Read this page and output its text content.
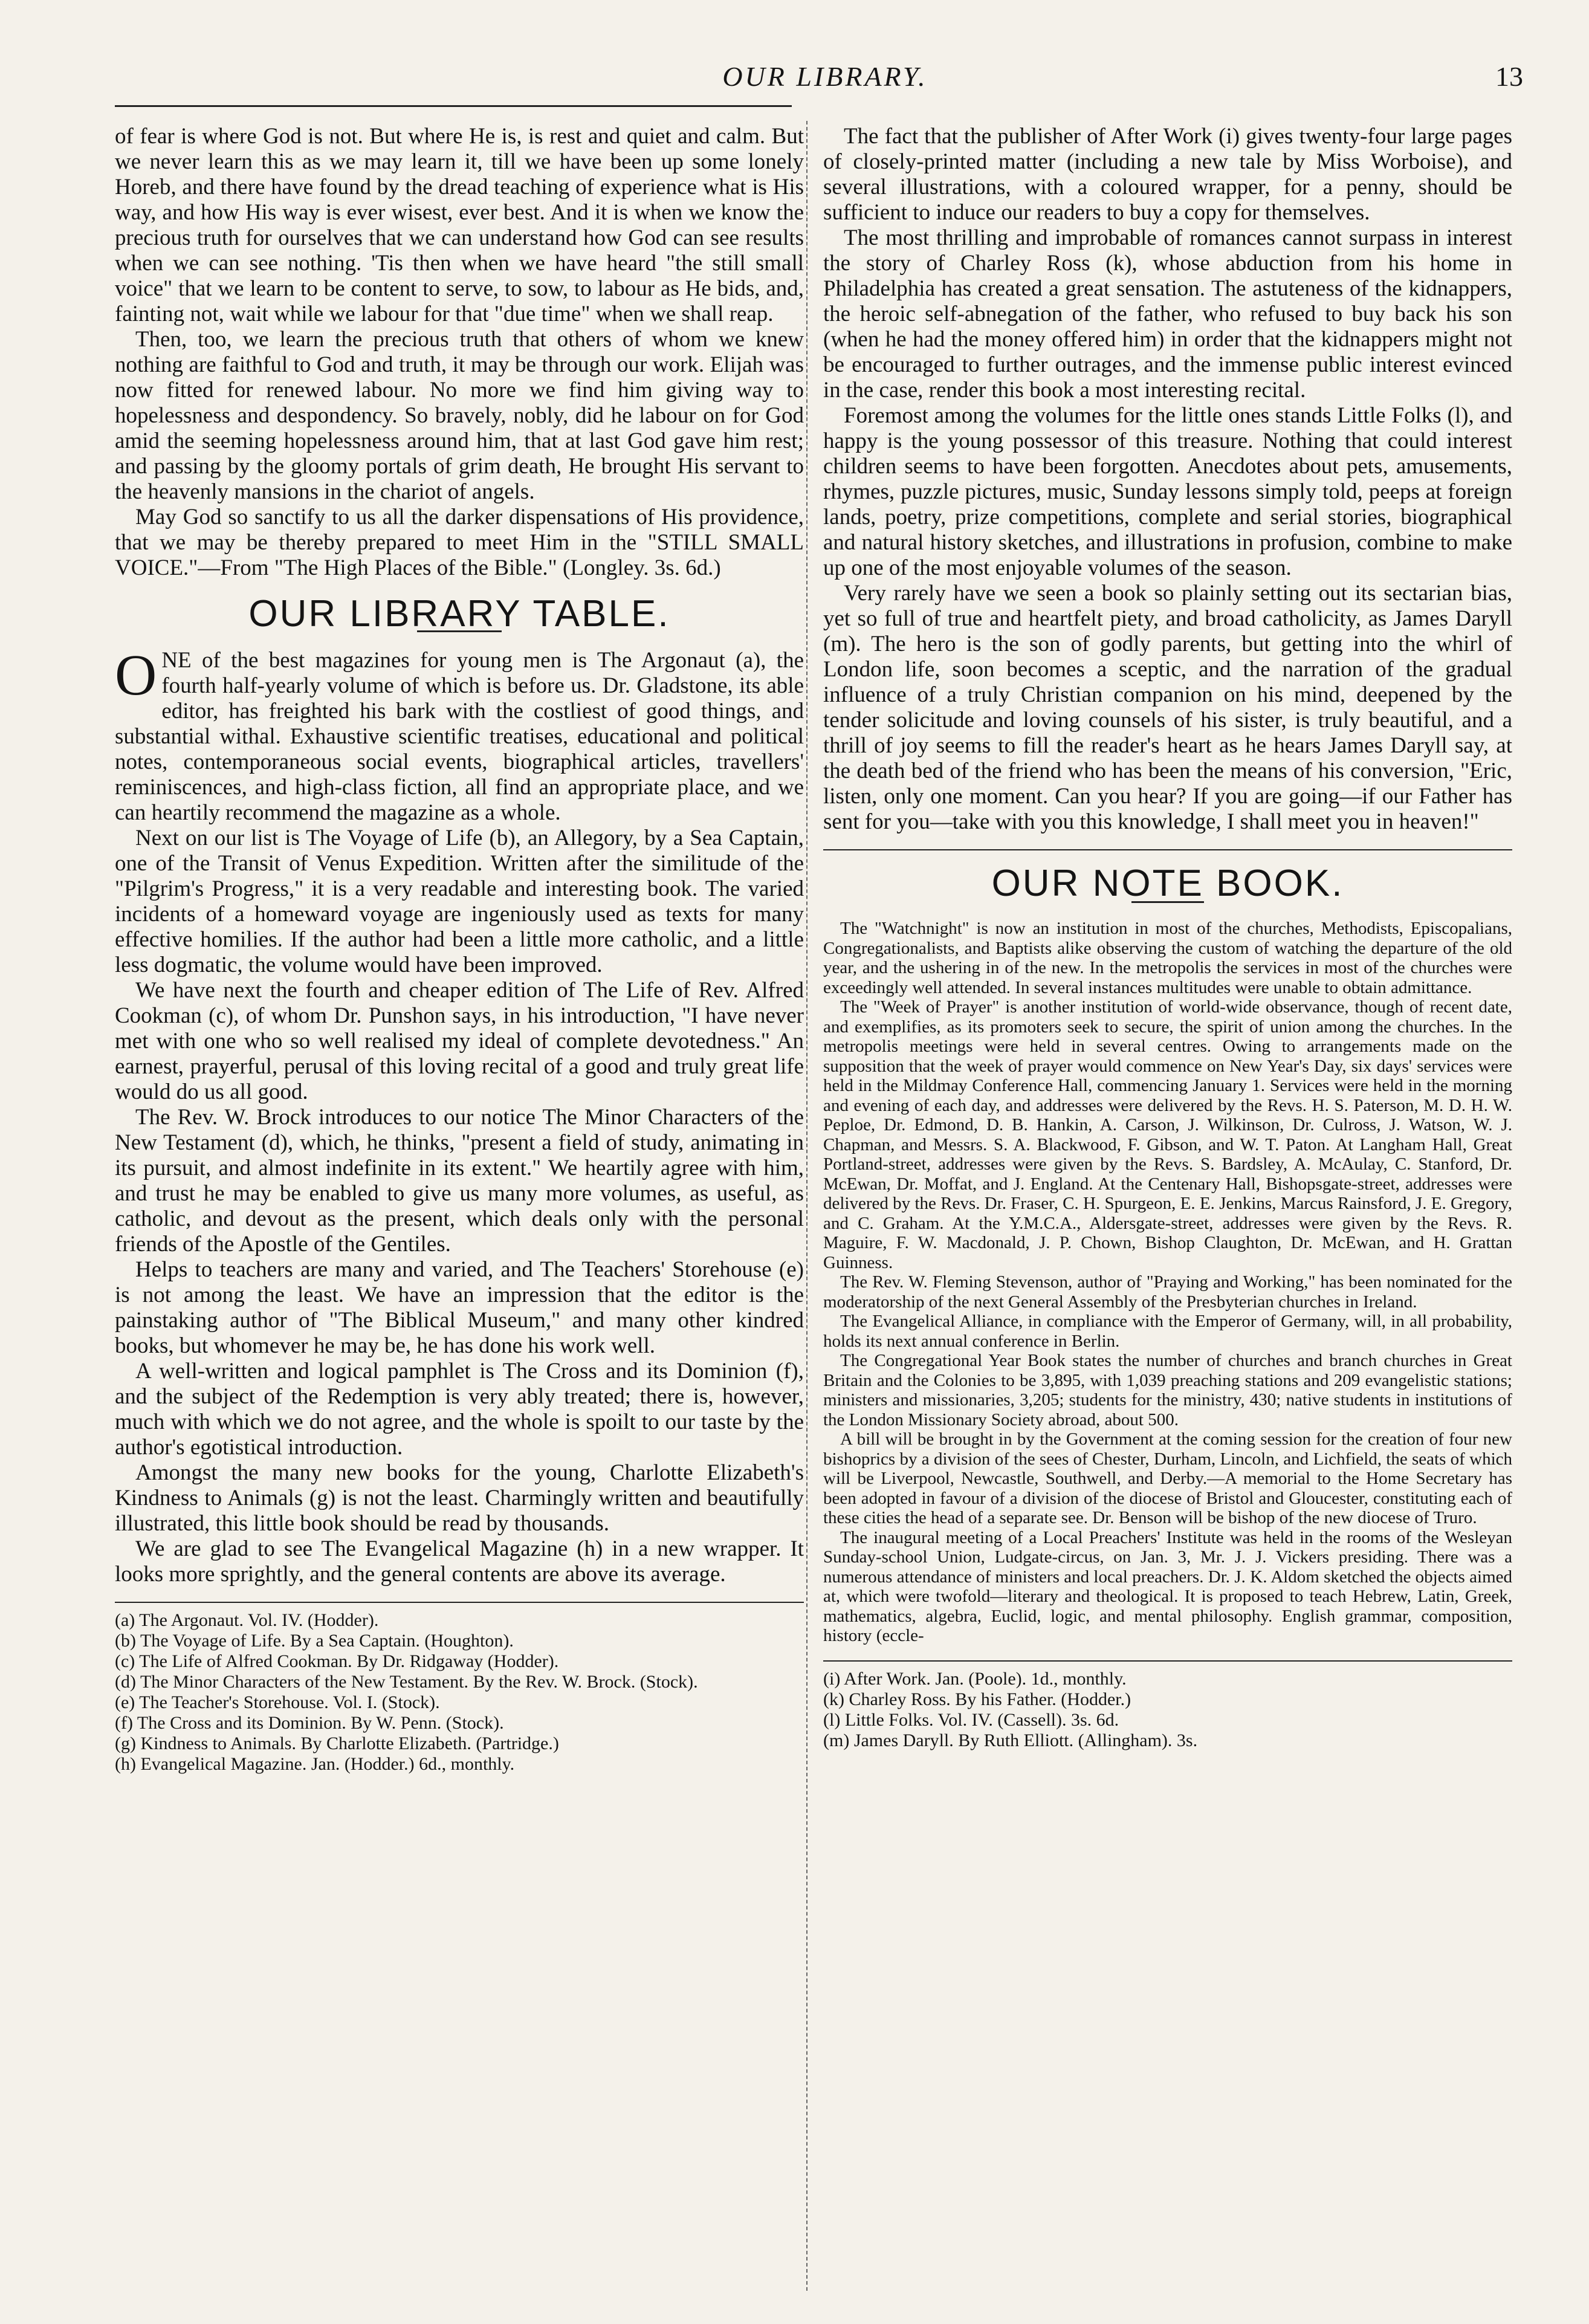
OUR LIBRARY.	13

of fear is where God is not. But where He is, is rest and quiet and calm. But we never learn this as we may learn it, till we have been up some lonely Horeb, and there have found by the dread teaching of experience what is His way, and how His way is ever wisest, ever best. And it is when we know the precious truth for ourselves that we can understand how God can see results when we can see nothing. 'Tis then when we have heard "the still small voice" that we learn to be content to serve, to sow, to labour as He bids, and, fainting not, wait while we labour for that "due time" when we shall reap.

Then, too, we learn the precious truth that others of whom we knew nothing are faithful to God and truth, it may be through our work. Elijah was now fitted for renewed labour. No more we find him giving way to hopelessness and despondency. So bravely, nobly, did he labour on for God amid the seeming hopelessness around him, that at last God gave him rest; and passing by the gloomy portals of grim death, He brought His servant to the heavenly mansions in the chariot of angels.

May God so sanctify to us all the darker dispensations of His providence, that we may be thereby prepared to meet Him in the "STILL SMALL VOICE."—From "The High Places of the Bible." (Longley. 3s. 6d.)

OUR LIBRARY TABLE.

ONE of the best magazines for young men is The Argonaut (a), the fourth half-yearly volume of which is before us. Dr. Gladstone, its able editor, has freighted his bark with the costliest of good things, and substantial withal. Exhaustive scientific treatises, educational and political notes, contemporaneous social events, biographical articles, travellers' reminiscences, and high-class fiction, all find an appropriate place, and we can heartily recommend the magazine as a whole.

Next on our list is The Voyage of Life (b), an Allegory, by a Sea Captain, one of the Transit of Venus Expedition. Written after the similitude of the "Pilgrim's Progress," it is a very readable and interesting book. The varied incidents of a homeward voyage are ingeniously used as texts for many effective homilies. If the author had been a little more catholic, and a little less dogmatic, the volume would have been improved.

We have next the fourth and cheaper edition of The Life of Rev. Alfred Cookman (c), of whom Dr. Punshon says, in his introduction, "I have never met with one who so well realised my ideal of complete devotedness." An earnest, prayerful, perusal of this loving recital of a good and truly great life would do us all good.

The Rev. W. Brock introduces to our notice The Minor Characters of the New Testament (d), which, he thinks, "present a field of study, animating in its pursuit, and almost indefinite in its extent." We heartily agree with him, and trust he may be enabled to give us many more volumes, as useful, as catholic, and devout as the present, which deals only with the personal friends of the Apostle of the Gentiles.

Helps to teachers are many and varied, and The Teachers' Storehouse (e) is not among the least. We have an impression that the editor is the painstaking author of "The Biblical Museum," and many other kindred books, but whomever he may be, he has done his work well.

A well-written and logical pamphlet is The Cross and its Dominion (f), and the subject of the Redemption is very ably treated; there is, however, much with which we do not agree, and the whole is spoilt to our taste by the author's egotistical introduction.

Amongst the many new books for the young, Charlotte Elizabeth's Kindness to Animals (g) is not the least. Charmingly written and beautifully illustrated, this little book should be read by thousands.

We are glad to see The Evangelical Magazine (h) in a new wrapper. It looks more sprightly, and the general contents are above its average.

(a) The Argonaut. Vol. IV. (Hodder).
(b) The Voyage of Life. By a Sea Captain. (Houghton).
(c) The Life of Alfred Cookman. By Dr. Ridgaway (Hodder).
(d) The Minor Characters of the New Testament. By the Rev. W. Brock. (Stock).
(e) The Teacher's Storehouse. Vol. I. (Stock).
(f) The Cross and its Dominion. By W. Penn. (Stock).
(g) Kindness to Animals. By Charlotte Elizabeth. (Partridge.)
(h) Evangelical Magazine. Jan. (Hodder.) 6d., monthly.

The fact that the publisher of After Work (i) gives twenty-four large pages of closely-printed matter (including a new tale by Miss Worboise), and several illustrations, with a coloured wrapper, for a penny, should be sufficient to induce our readers to buy a copy for themselves.

The most thrilling and improbable of romances cannot surpass in interest the story of Charley Ross (k), whose abduction from his home in Philadelphia has created a great sensation. The astuteness of the kidnappers, the heroic self-abnegation of the father, who refused to buy back his son (when he had the money offered him) in order that the kidnappers might not be encouraged to further outrages, and the immense public interest evinced in the case, render this book a most interesting recital.

Foremost among the volumes for the little ones stands Little Folks (l), and happy is the young possessor of this treasure. Nothing that could interest children seems to have been forgotten. Anecdotes about pets, amusements, rhymes, puzzle pictures, music, Sunday lessons simply told, peeps at foreign lands, poetry, prize competitions, complete and serial stories, biographical and natural history sketches, and illustrations in profusion, combine to make up one of the most enjoyable volumes of the season.

Very rarely have we seen a book so plainly setting out its sectarian bias, yet so full of true and heartfelt piety, and broad catholicity, as James Daryll (m). The hero is the son of godly parents, but getting into the whirl of London life, soon becomes a sceptic, and the narration of the gradual influence of a truly Christian companion on his mind, deepened by the tender solicitude and loving counsels of his sister, is truly beautiful, and a thrill of joy seems to fill the reader's heart as he hears James Daryll say, at the death bed of the friend who has been the means of his conversion, "Eric, listen, only one moment. Can you hear? If you are going—if our Father has sent for you—take with you this knowledge, I shall meet you in heaven!"

OUR NOTE BOOK.

The "Watchnight" is now an institution in most of the churches, Methodists, Episcopalians, Congregationalists, and Baptists alike observing the custom of watching the departure of the old year, and the ushering in of the new. In the metropolis the services in most of the churches were exceedingly well attended. In several instances multitudes were unable to obtain admittance.

The "Week of Prayer" is another institution of world-wide observance, though of recent date, and exemplifies, as its promoters seek to secure, the spirit of union among the churches. In the metropolis meetings were held in several centres. Owing to arrangements made on the supposition that the week of prayer would commence on New Year's Day, six days' services were held in the Mildmay Conference Hall, commencing January 1. Services were held in the morning and evening of each day, and addresses were delivered by the Revs. H. S. Paterson, M. D. H. W. Peploe, Dr. Edmond, D. B. Hankin, A. Carson, J. Wilkinson, Dr. Culross, J. Watson, W. J. Chapman, and Messrs. S. A. Blackwood, F. Gibson, and W. T. Paton. At Langham Hall, Great Portland-street, addresses were given by the Revs. S. Bardsley, A. McAulay, C. Stanford, Dr. McEwan, Dr. Moffat, and J. England. At the Centenary Hall, Bishopsgate-street, addresses were delivered by the Revs. Dr. Fraser, C. H. Spurgeon, E. E. Jenkins, Marcus Rainsford, J. E. Gregory, and C. Graham. At the Y.M.C.A., Aldersgate-street, addresses were given by the Revs. R. Maguire, F. W. Macdonald, J. P. Chown, Bishop Claughton, Dr. McEwan, and H. Grattan Guinness.

The Rev. W. Fleming Stevenson, author of "Praying and Working," has been nominated for the moderatorship of the next General Assembly of the Presbyterian churches in Ireland.

The Evangelical Alliance, in compliance with the Emperor of Germany, will, in all probability, holds its next annual conference in Berlin.

The Congregational Year Book states the number of churches and branch churches in Great Britain and the Colonies to be 3,895, with 1,039 preaching stations and 209 evangelistic stations; ministers and missionaries, 3,205; students for the ministry, 430; native students in institutions of the London Missionary Society abroad, about 500.

A bill will be brought in by the Government at the coming session for the creation of four new bishoprics by a division of the sees of Chester, Durham, Lincoln, and Lichfield, the seats of which will be Liverpool, Newcastle, Southwell, and Derby.—A memorial to the Home Secretary has been adopted in favour of a division of the diocese of Bristol and Gloucester, constituting each of these cities the head of a separate see. Dr. Benson will be bishop of the new diocese of Truro.

The inaugural meeting of a Local Preachers' Institute was held in the rooms of the Wesleyan Sunday-school Union, Ludgate-circus, on Jan. 3, Mr. J. J. Vickers presiding. There was a numerous attendance of ministers and local preachers. Dr. J. K. Aldom sketched the objects aimed at, which were twofold—literary and theological. It is proposed to teach Hebrew, Latin, Greek, mathematics, algebra, Euclid, logic, and mental philosophy. English grammar, composition, history (eccle-

(i) After Work. Jan. (Poole). 1d., monthly.
(k) Charley Ross. By his Father. (Hodder.)
(l) Little Folks. Vol. IV. (Cassell). 3s. 6d.
(m) James Daryll. By Ruth Elliott. (Allingham). 3s.
